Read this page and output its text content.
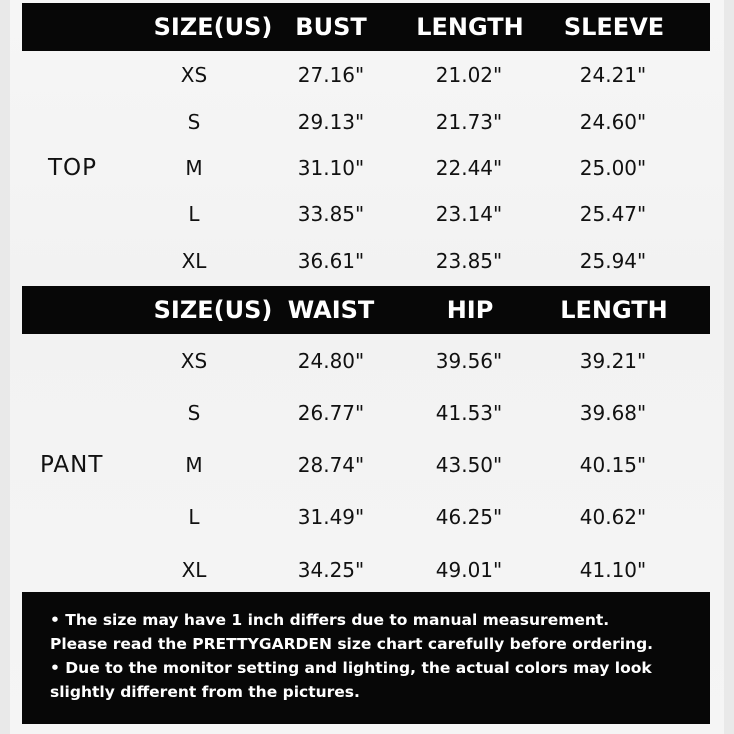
SIZE(US) BUST	LENGTH	SLEEVE
TOP
XS	27.16"	21.02"	24.21"
S	29.13"	21.73"	24.60"
M	31.10"	22.44"	25.00"
L	33.85"	23.14"	25.47"
XL	36.61"	23.85"	25.94"
SIZE(US) WAIST	HIP	LENGTH
PANT
XS	24.80"	39.56"	39.21"
S	26.77"	41.53"	39.68"
M	28.74"	43.50"	40.15"
L	31.49"	46.25"	40.62"
XL	34.25"	49.01"	41.10"
• The size may have 1 inch differs due to manual measurement.
Please read the PRETTYGARDEN size chart carefully before ordering.
• Due to the monitor setting and lighting, the actual colors may look
slightly different from the pictures.
